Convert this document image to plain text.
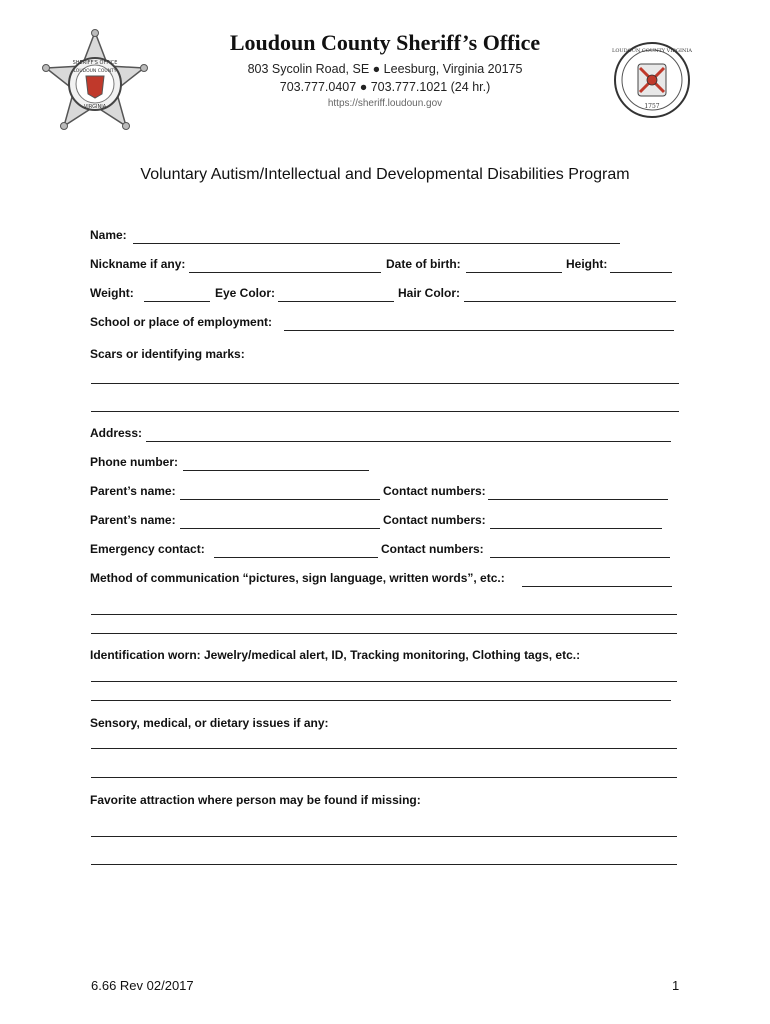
SHERIFF'S OFFICE
LOUDOUN COUNTY
VIRGINIA
LOUDOUN COUNTY VIRGINIA
1757
Loudoun County Sheriff’s Office
803 Sycolin Road, SE ● Leesburg, Virginia 20175
703.777.0407 ● 703.777.1021 (24 hr.)
https://sheriff.loudoun.gov
Voluntary Autism/Intellectual and Developmental Disabilities Program
Name:
Nickname if any:	Date of birth:	Height:
Weight:	Eye Color:	Hair Color:
School or place of employment:
Scars or identifying marks:
Address:
Phone number:
Parent’s name:	Contact numbers:
Parent’s name:	Contact numbers:
Emergency contact:	Contact numbers:
Method of communication “pictures, sign language, written words”, etc.:
Identification worn: Jewelry/medical alert, ID, Tracking monitoring, Clothing tags, etc.:
Sensory, medical, or dietary issues if any:
Favorite attraction where person may be found if missing:
6.66 Rev 02/2017	1
